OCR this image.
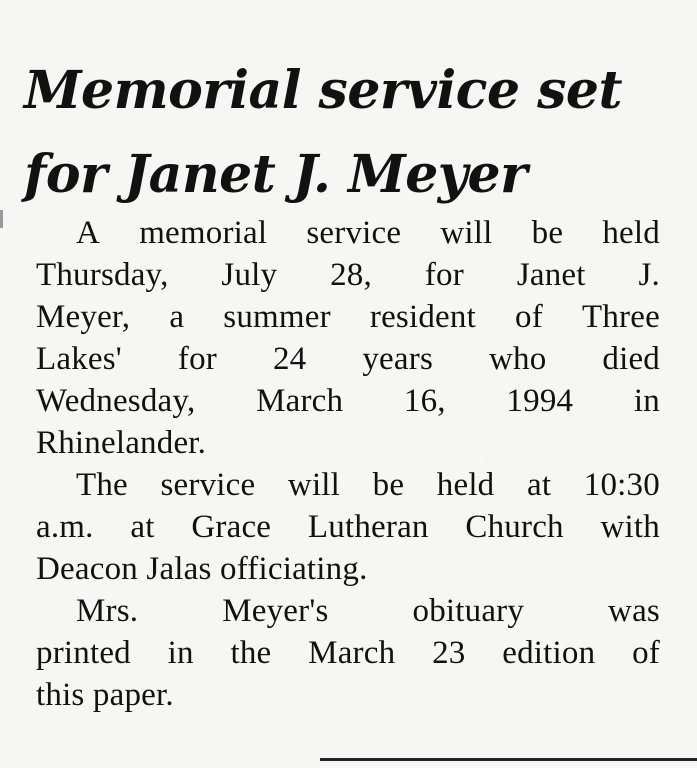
Memorial service set
for Janet J. Meyer
A memorial service will be held
Thursday, July 28, for Janet J.
Meyer, a summer resident of Three
Lakes' for 24 years who died
Wednesday, March 16, 1994 in
Rhinelander.
The service will be held at 10:30
a.m. at Grace Lutheran Church with
Deacon Jalas officiating.
Mrs.	Meyer's	obituary	was
printed in the March 23 edition of
this paper.
